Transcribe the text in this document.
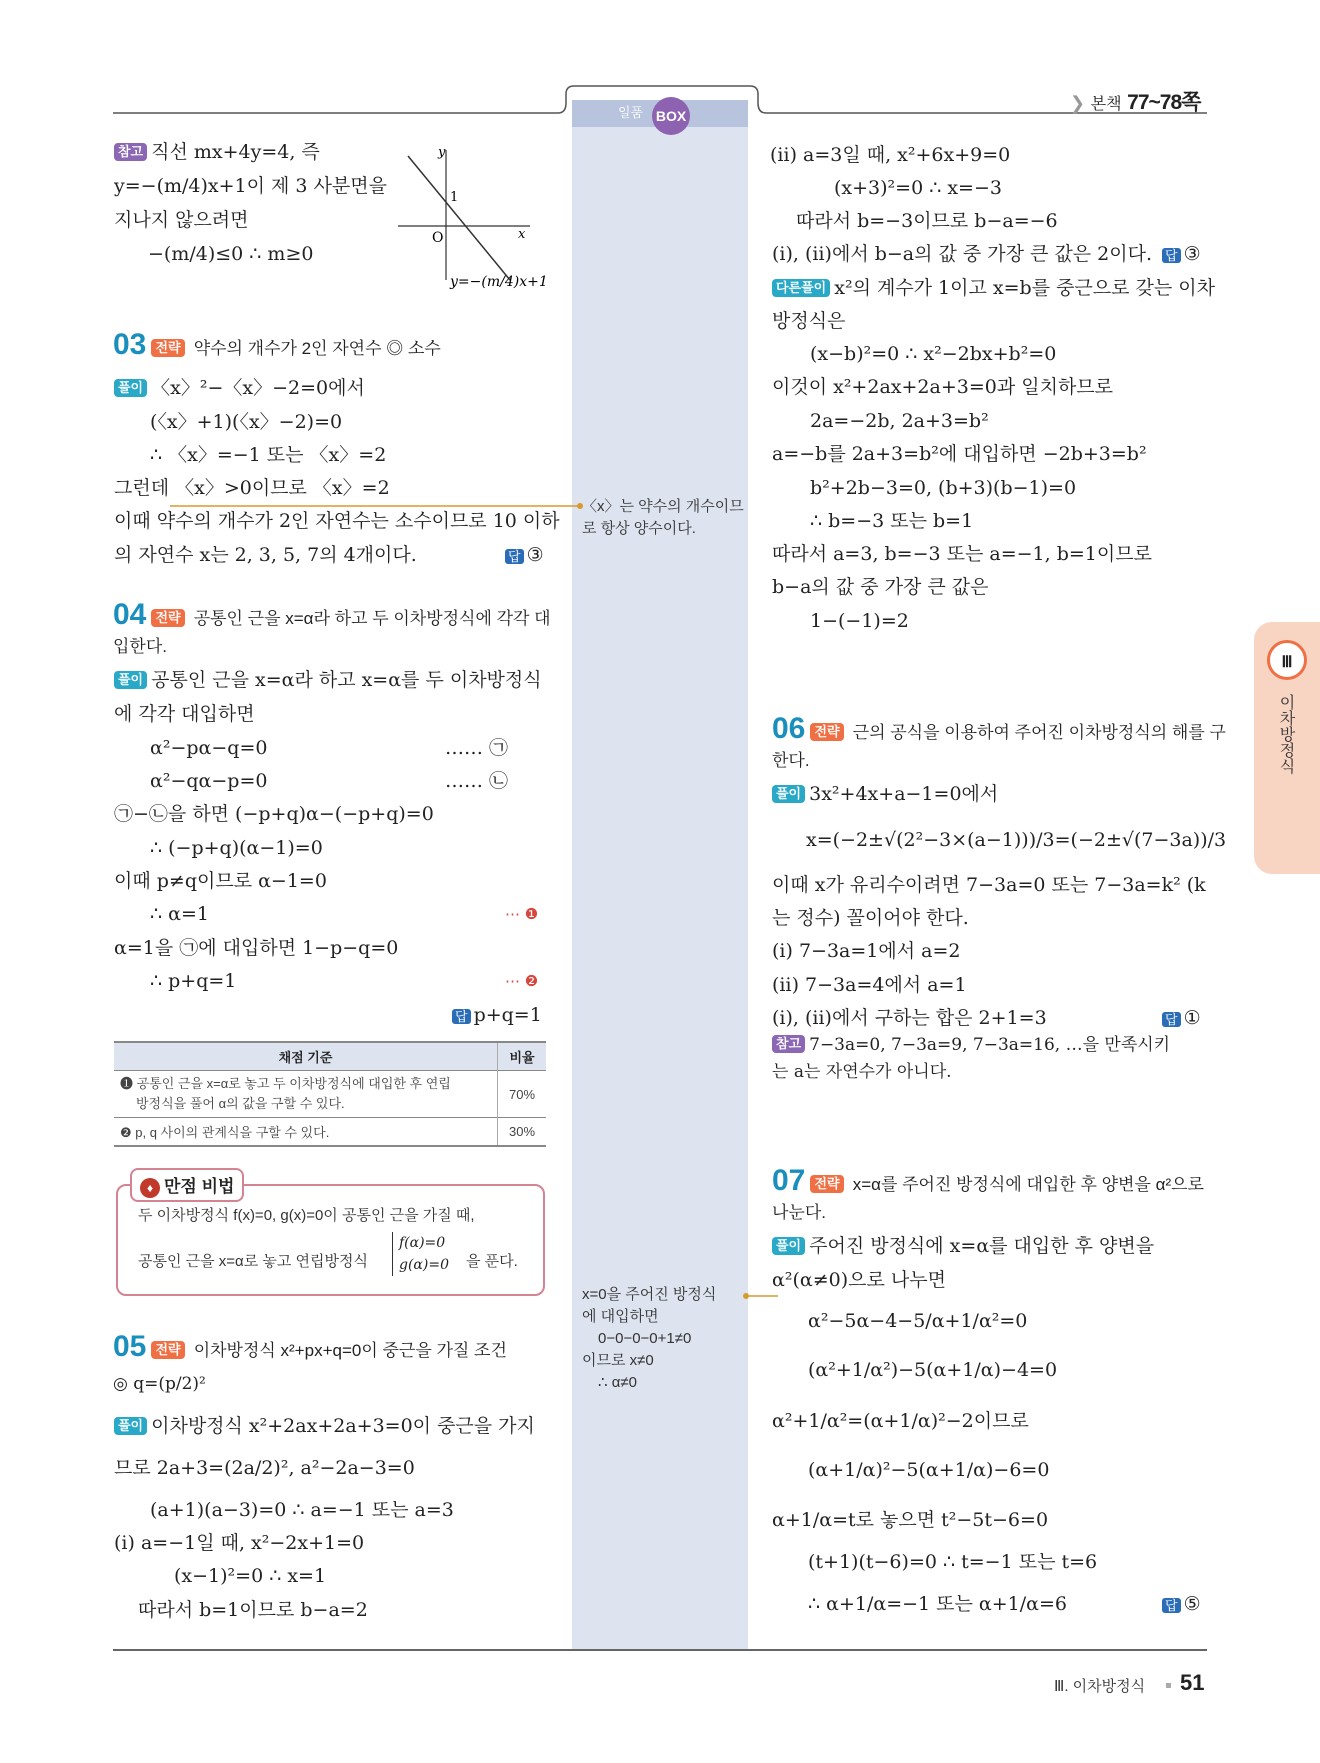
일품 BOX
❯ 본책 77~78쪽
Ⅲ
이차방정식
참고 직선 mx+4y=4, 즉
y=−(m/4)x+1이 제 3 사분면을
지나지 않으려면
−(m/4)≤0 ∴ m≥0
y
x
O
1
y=−(m/4)x+1
03 전략 약수의 개수가 2인 자연수 ◎ 소수
풀이 〈x〉²−〈x〉−2=0에서
(〈x〉+1)(〈x〉−2)=0
∴ 〈x〉=−1 또는 〈x〉=2
그런데 〈x〉>0이므로 〈x〉=2
이때 약수의 개수가 2인 자연수는 소수이므로 10 이하
의 자연수 x는 2, 3, 5, 7의 4개이다.	답 ③
04 전략 공통인 근을 x=α라 하고 두 이차방정식에 각각 대
입한다.
풀이 공통인 근을 x=α라 하고 x=α를 두 이차방정식
에 각각 대입하면
α²−pα−q=0	…… ㉠
α²−qα−p=0	…… ㉡
㉠−㉡을 하면 (−p+q)α−(−p+q)=0
∴ (−p+q)(α−1)=0
이때 p≠q이므로 α−1=0
∴ α=1	⋯ ❶
α=1을 ㉠에 대입하면 1−p−q=0
∴ p+q=1	⋯ ❷
답 p+q=1
채점 기준	비율

❶ 공통인 근을 x=α로 놓고 두 이차방정식에 대입한 후 연립
방정식을 풀어 α의 값을 구할 수 있다.	70%
❷ p, q 사이의 관계식을 구할 수 있다.	30%
♦ 만점 비법
두 이차방정식 f(x)=0, g(x)=0이 공통인 근을 가질 때,
공통인 근을 x=α로 놓고 연립방정식
f(α)=0
g(α)=0 을 푼다.
05 전략 이차방정식 x²+px+q=0이 중근을 가질 조건
◎ q=(p/2)²
풀이 이차방정식 x²+2ax+2a+3=0이 중근을 가지
므로 2a+3=(2a/2)², a²−2a−3=0
(a+1)(a−3)=0 ∴ a=−1 또는 a=3
(ⅰ) a=−1일 때, x²−2x+1=0
(x−1)²=0 ∴ x=1
따라서 b=1이므로 b−a=2
〈x〉는 약수의 개수이므
로 항상 양수이다.
x=0을 주어진 방정식
에 대입하면
0−0−0−0+1≠0
이므로 x≠0
∴ α≠0
(ⅱ) a=3일 때, x²+6x+9=0
(x+3)²=0 ∴ x=−3
따라서 b=−3이므로 b−a=−6
(ⅰ), (ⅱ)에서 b−a의 값 중 가장 큰 값은 2이다. 답 ③
다른풀이 x²의 계수가 1이고 x=b를 중근으로 갖는 이차
방정식은
(x−b)²=0 ∴ x²−2bx+b²=0
이것이 x²+2ax+2a+3=0과 일치하므로
2a=−2b, 2a+3=b²
a=−b를 2a+3=b²에 대입하면 −2b+3=b²
b²+2b−3=0, (b+3)(b−1)=0
∴ b=−3 또는 b=1
따라서 a=3, b=−3 또는 a=−1, b=1이므로
b−a의 값 중 가장 큰 값은
1−(−1)=2
06 전략 근의 공식을 이용하여 주어진 이차방정식의 해를 구
한다.
풀이 3x²+4x+a−1=0에서
x=(−2±√(2²−3×(a−1)))/3=(−2±√(7−3a))/3
이때 x가 유리수이려면 7−3a=0 또는 7−3a=k² (k
는 정수) 꼴이어야 한다.
(ⅰ) 7−3a=1에서 a=2
(ⅱ) 7−3a=4에서 a=1
(ⅰ), (ⅱ)에서 구하는 합은 2+1=3	답 ①
참고 7−3a=0, 7−3a=9, 7−3a=16, …을 만족시키
는 a는 자연수가 아니다.
07 전략 x=α를 주어진 방정식에 대입한 후 양변을 α²으로
나눈다.
풀이 주어진 방정식에 x=α를 대입한 후 양변을
α²(α≠0)으로 나누면
α²−5α−4−5/α+1/α²=0
(α²+1/α²)−5(α+1/α)−4=0
α²+1/α²=(α+1/α)²−2이므로
(α+1/α)²−5(α+1/α)−6=0
α+1/α=t로 놓으면 t²−5t−6=0
(t+1)(t−6)=0 ∴ t=−1 또는 t=6
∴ α+1/α=−1 또는 α+1/α=6	답 ⑤
Ⅲ. 이차방정식 51
